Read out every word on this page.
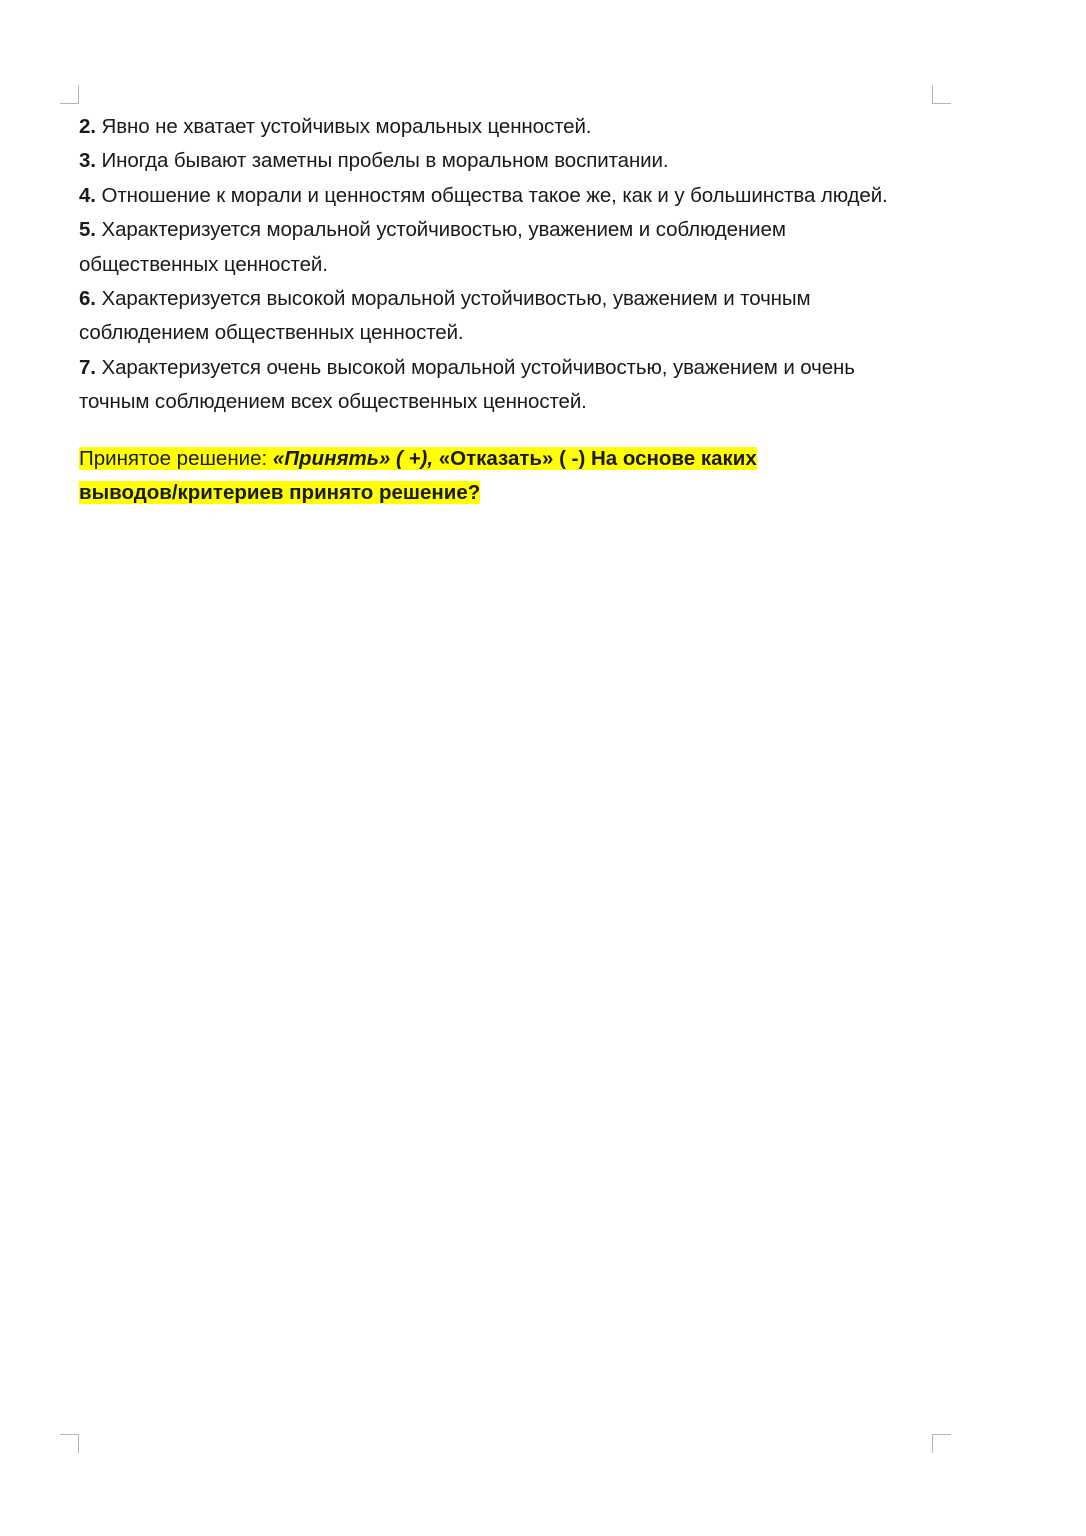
2. Явно не хватает устойчивых моральных ценностей.

3. Иногда бывают заметны пробелы в моральном воспитании.

4. Отношение к морали и ценностям общества такое же, как и у большинства людей.

5. Характеризуется моральной устойчивостью, уважением и соблюдением общественных ценностей.

6. Характеризуется высокой моральной устойчивостью, уважением и точным соблюдением общественных ценностей.

7. Характеризуется очень высокой моральной устойчивостью, уважением и очень точным соблюдением всех общественных ценностей.

Принятое решение: «Принять» ( +), «Отказать» ( -) На основе каких выводов/критериев принято решение?
